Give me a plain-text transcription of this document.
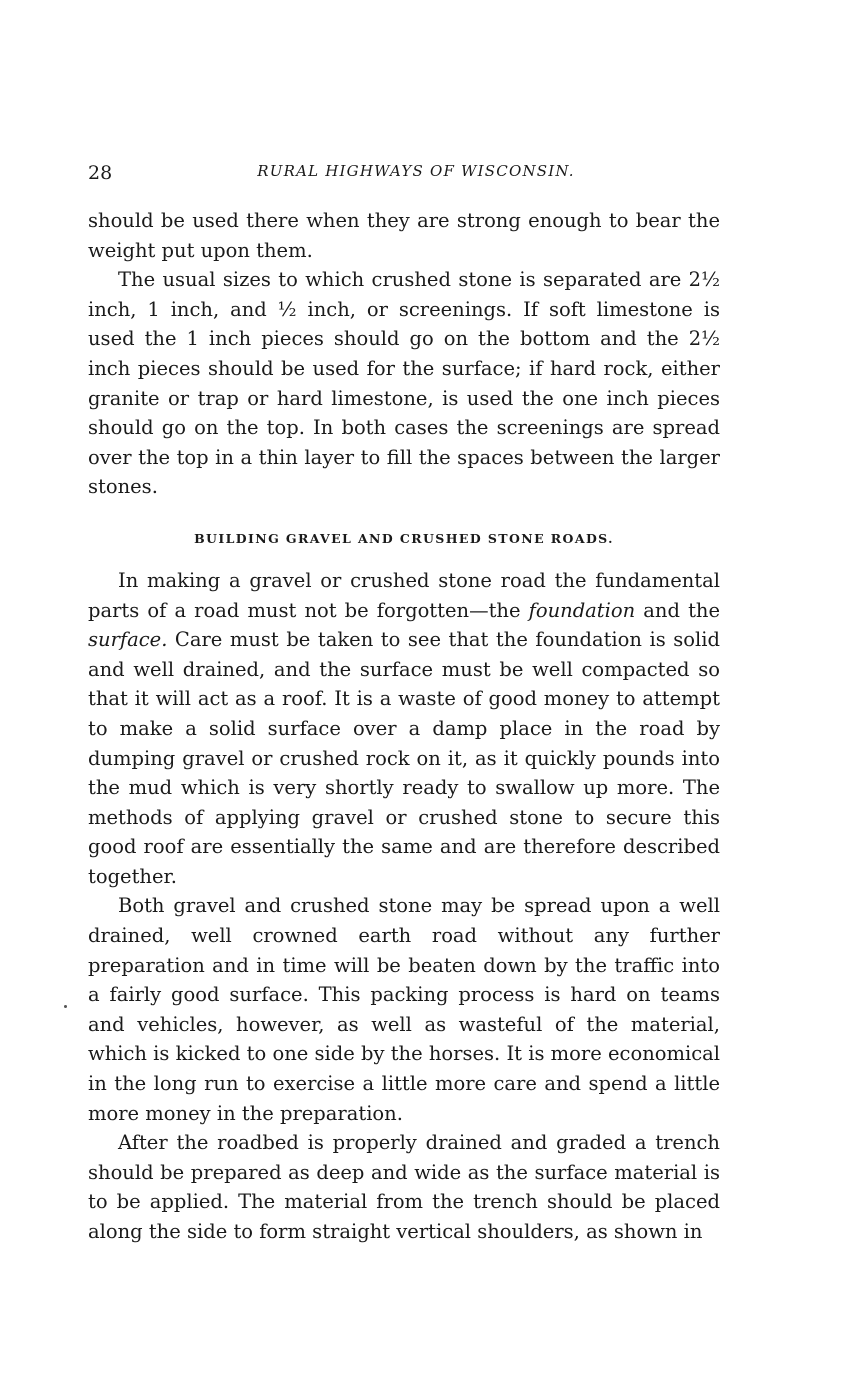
28	RURAL HIGHWAYS OF WISCONSIN.

should be used there when they are strong enough to bear the weight put upon them.

The usual sizes to which crushed stone is separated are 2½ inch, 1 inch, and ½ inch, or screenings. If soft limestone is used the 1 inch pieces should go on the bottom and the 2½ inch pieces should be used for the surface; if hard rock, either granite or trap or hard limestone, is used the one inch pieces should go on the top. In both cases the screenings are spread over the top in a thin layer to fill the spaces between the larger stones.

BUILDING GRAVEL AND CRUSHED STONE ROADS.

In making a gravel or crushed stone road the fundamental parts of a road must not be forgotten—the foundation and the surface. Care must be taken to see that the foundation is solid and well drained, and the surface must be well compacted so that it will act as a roof. It is a waste of good money to attempt to make a solid surface over a damp place in the road by dumping gravel or crushed rock on it, as it quickly pounds into the mud which is very shortly ready to swallow up more. The methods of applying gravel or crushed stone to secure this good roof are essentially the same and are therefore described together.

Both gravel and crushed stone may be spread upon a well drained, well crowned earth road without any further preparation and in time will be beaten down by the traffic into a fairly good surface. This packing process is hard on teams and vehicles, however, as well as wasteful of the material, which is kicked to one side by the horses. It is more economical in the long run to exercise a little more care and spend a little more money in the preparation.

After the roadbed is properly drained and graded a trench should be prepared as deep and wide as the surface material is to be applied. The material from the trench should be placed along the side to form straight vertical shoulders, as shown in
